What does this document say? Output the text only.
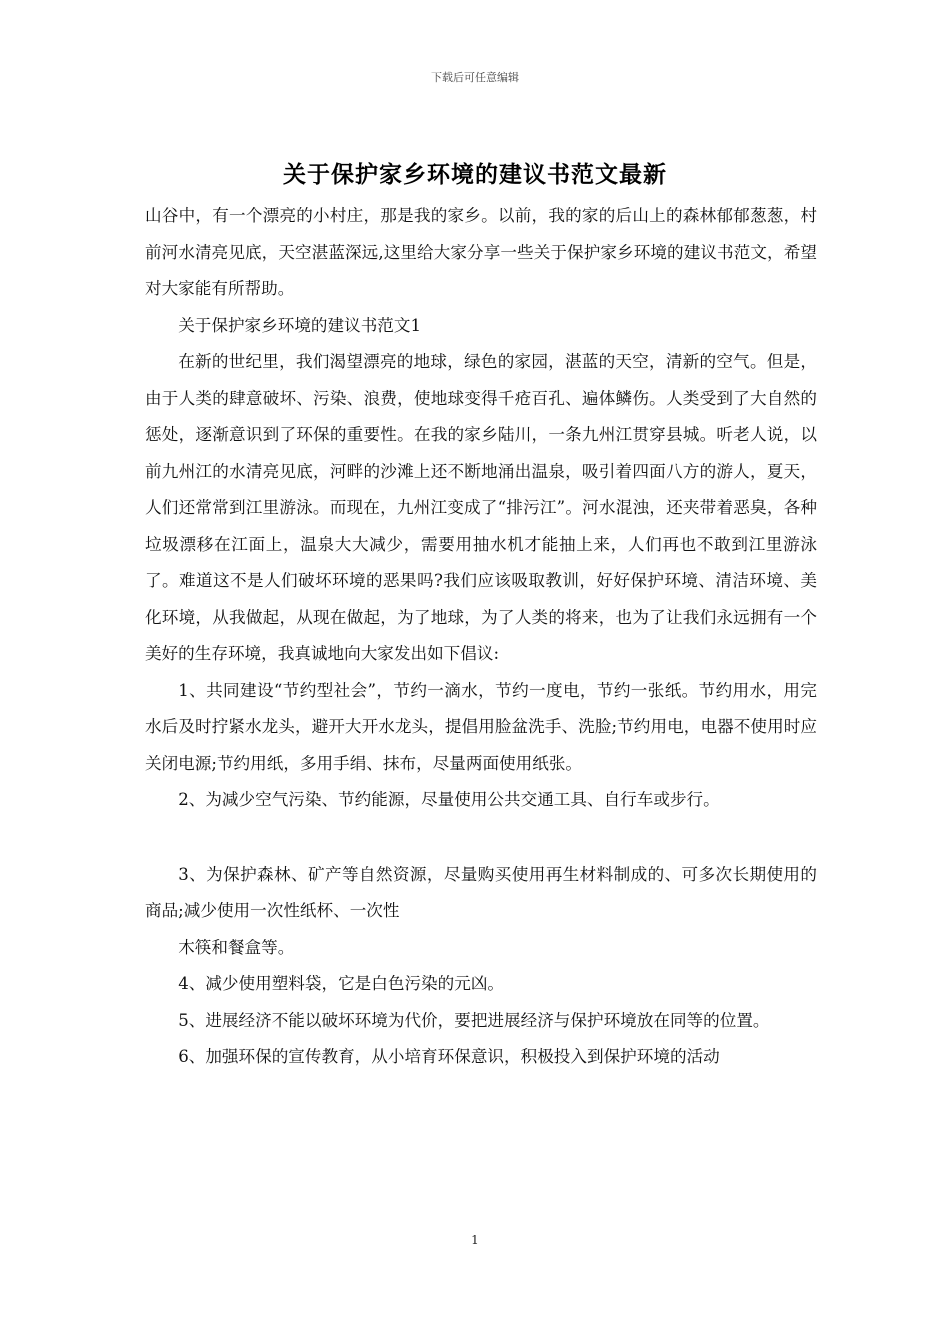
下载后可任意编辑
关于保护家乡环境的建议书范文最新

山谷中，有一个漂亮的小村庄，那是我的家乡。以前，我的家的后山上的森林郁郁葱葱，村前河水清亮见底，天空湛蓝深远,这里给大家分享一些关于保护家乡环境的建议书范文，希望对大家能有所帮助。

关于保护家乡环境的建议书范文1

在新的世纪里，我们渴望漂亮的地球，绿色的家园，湛蓝的天空，清新的空气。但是，由于人类的肆意破坏、污染、浪费，使地球变得千疮百孔、遍体鳞伤。人类受到了大自然的惩处，逐渐意识到了环保的重要性。在我的家乡陆川，一条九州江贯穿县城。听老人说，以前九州江的水清亮见底，河畔的沙滩上还不断地涌出温泉，吸引着四面八方的游人，夏天，人们还常常到江里游泳。而现在，九州江变成了“排污江”。河水混浊，还夹带着恶臭，各种垃圾漂移在江面上，温泉大大减少，需要用抽水机才能抽上来，人们再也不敢到江里游泳了。难道这不是人们破坏环境的恶果吗?我们应该吸取教训，好好保护环境、清洁环境、美化环境，从我做起，从现在做起，为了地球，为了人类的将来，也为了让我们永远拥有一个美好的生存环境，我真诚地向大家发出如下倡议:

1、共同建设“节约型社会”，节约一滴水，节约一度电，节约一张纸。节约用水，用完水后及时拧紧水龙头，避开大开水龙头，提倡用脸盆洗手、洗脸;节约用电，电器不使用时应关闭电源;节约用纸，多用手绢、抹布，尽量两面使用纸张。

2、为减少空气污染、节约能源，尽量使用公共交通工具、自行车或步行。

3、为保护森林、矿产等自然资源，尽量购买使用再生材料制成的、可多次长期使用的商品;减少使用一次性纸杯、一次性

木筷和餐盒等。

4、减少使用塑料袋，它是白色污染的元凶。

5、进展经济不能以破坏环境为代价，要把进展经济与保护环境放在同等的位置。

6、加强环保的宣传教育，从小培育环保意识，积极投入到保护环境的活动

1
